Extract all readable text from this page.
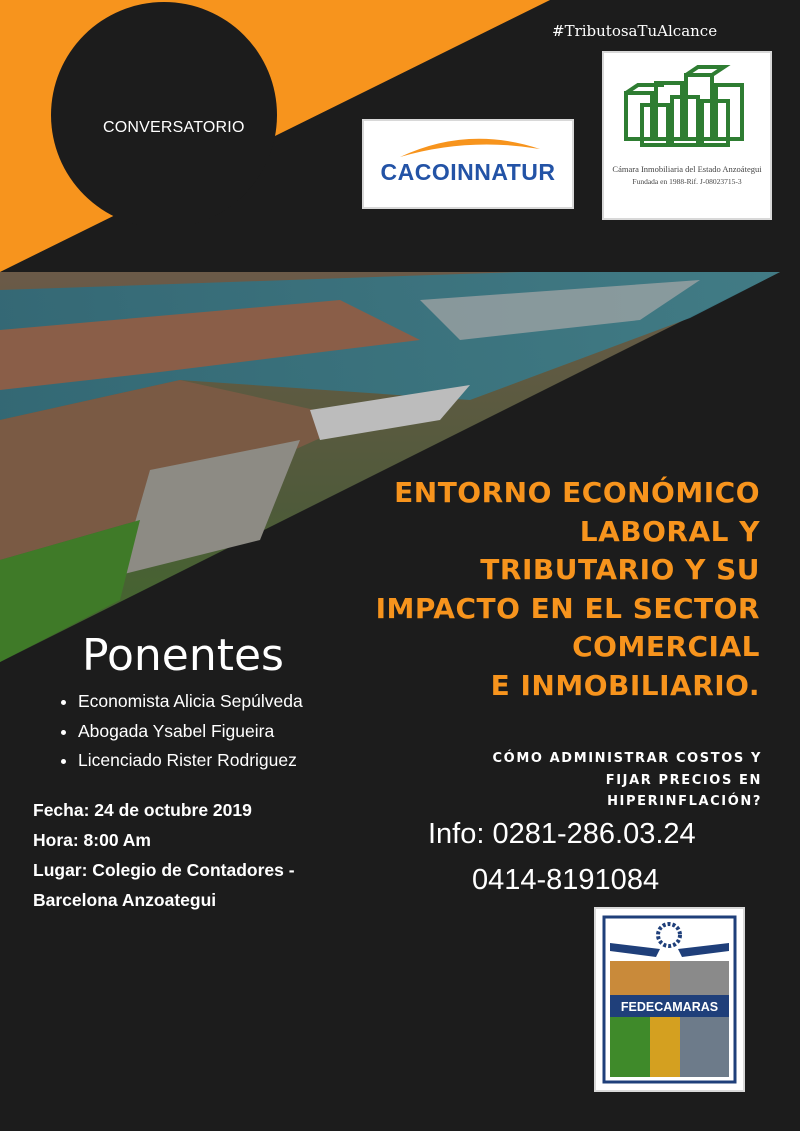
#TributosaTuAlcance
CONVERSATORIO
CACOINNATUR	Cámara Inmobiliaria del Estado Anzoátegui
Fundada en 1988-Rif. J-08023715-3
ENTORNO ECONÓMICO
LABORAL Y
TRIBUTARIO Y SU
IMPACTO EN EL SECTOR
COMERCIAL
E INMOBILIARIO.
CÓMO ADMINISTRAR COSTOS Y
FIJAR PRECIOS EN
HIPERINFLACIÓN?
Ponentes
• Economista Alicia Sepúlveda
• Abogada Ysabel Figueira
• Licenciado Rister Rodriguez
Fecha: 24 de octubre 2019
Hora: 8:00 Am
Lugar: Colegio de Contadores -
Barcelona Anzoategui
Info: 0281-286.03.24
0414-8191084
FEDECAMARAS
